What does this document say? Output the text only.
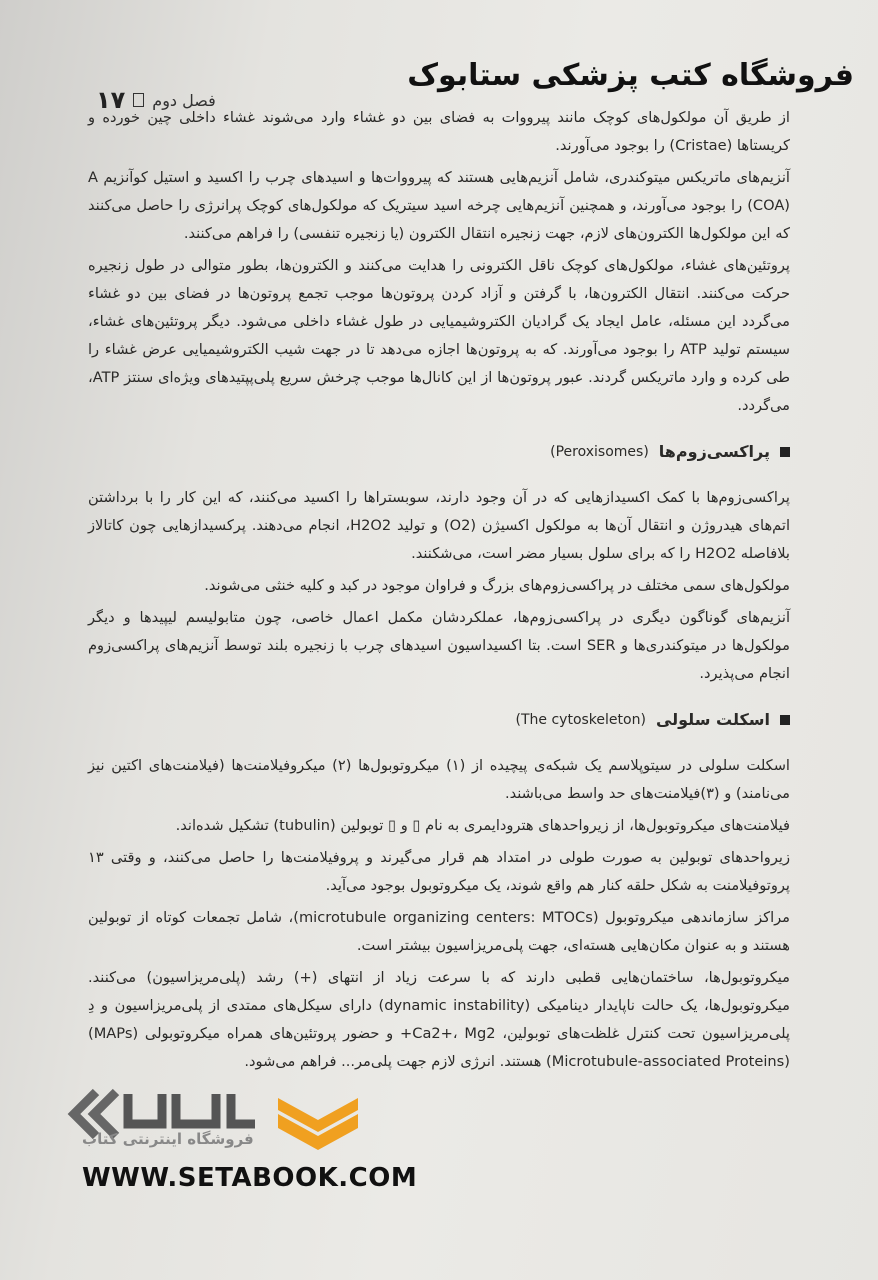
فروشگاه کتب پزشکی ستابوک
فصل دوم
۱۷

از طریق آن مولکول‌های کوچک مانند پیرووات به فضای بین دو غشاء وارد می‌شوند غشاء داخلی چین خورده و کریستاها (Cristae) را بوجود می‌آورند.

آنزیم‌های ماتریکس میتوکندری، شامل آنزیم‌هایی هستند که پیرووات‌ها و اسیدهای چرب را اکسید و استیل کوآنزیم A (COA) را بوجود می‌آورند، و همچنین آنزیم‌هایی چرخه اسید سیتریک که مولکول‌های کوچک پرانرژی را حاصل می‌کنند که این مولکول‌ها الکترون‌های لازم، جهت زنجیره انتقال الکترون (یا زنجیره تنفسی) را فراهم می‌کنند.

پروتئین‌های غشاء، مولکول‌های کوچک ناقل الکترونی را هدایت می‌کنند و الکترون‌ها، بطور متوالی در طول زنجیره حرکت می‌کنند. انتقال الکترون‌ها، با گرفتن و آزاد کردن پروتون‌ها موجب تجمع پروتون‌ها در فضای بین دو غشاء می‌گردد این مسئله، عامل ایجاد یک گرادیان الکتروشیمیایی در طول غشاء داخلی می‌شود. دیگر پروتئین‌های غشاء، سیستم تولید ATP را بوجود می‌آورند. که به پروتون‌ها اجازه می‌دهد تا در جهت شیب الکتروشیمیایی عرض غشاء را طی کرده و وارد ماتریکس گردند. عبور پروتون‌ها از این کانال‌ها موجب چرخش سریع پلی‌پپتیدهای ویژه‌ای سنتز ATP، می‌گردد.

پراکسی‌زوم‌ها
(Peroxisomes)

پراکسی‌زوم‌ها با کمک اکسیدازهایی که در آن وجود دارند، سوبستراها را اکسید می‌کنند، که این کار را با برداشتن اتم‌های هیدروژن و انتقال آن‌ها به مولکول اکسیژن (O2) و تولید H2O2، انجام می‌دهند. پرکسیدازهایی چون کاتالاز بلافاصله H2O2 را که برای سلول بسیار مضر است، می‌شکنند.

مولکول‌های سمی مختلف در پراکسی‌زوم‌های بزرگ و فراوان موجود در کبد و کلیه خنثی می‌شوند.

آنزیم‌های گوناگون دیگری در پراکسی‌زوم‌ها، عملکردشان مکمل اعمال خاصی، چون متابولیسم لیپیدها و دیگر مولکول‌ها در میتوکندری‌ها و SER است. بتا اکسیداسیون اسیدهای چرب با زنجیره بلند توسط آنزیم‌های پراکسی‌زوم انجام می‌پذیرد.

اسکلت سلولی
(The cytoskeleton)

اسکلت سلولی در سیتوپلاسم یک شبکه‌ی پیچیده از (۱) میکروتوبول‌ها (۲) میکروفیلامنت‌ها (فیلامنت‌های اکتین نیز می‌نامند) و (۳)فیلامنت‌های حد واسط می‌باشند.

فیلامنت‌های میکروتوبول‌ها، از زیرواحدهای هترودایمری به نام ▯ و ▯ توبولین (tubulin) تشکیل شده‌اند.

زیرواحدهای توبولین به صورت طولی در امتداد هم قرار می‌گیرند و پروفیلامنت‌ها را حاصل می‌کنند، و وقتی ۱۳ پروتوفیلامنت به شکل حلقه کنار هم واقع شوند، یک میکروتوبول بوجود می‌آید.

مراکز سازماندهی میکروتوبول (microtubule organizing centers: MTOCs)، شامل تجمعات کوتاه از توبولین هستند و به عنوان مکان‌هایی هسته‌ای، جهت پلی‌مریزاسیون بیشتر است.

میکروتوبول‌ها، ساختمان‌هایی قطبی دارند که با سرعت زیاد از انتهای (+) رشد (پلی‌مریزاسیون) می‌کنند. میکروتوبول‌ها، یک حالت ناپایدار دینامیکی (dynamic instability) دارای سیکل‌های ممتدی از پلی‌مریزاسیون و دِ پلی‌مریزاسیون تحت کنترل غلظت‌های توبولین، Ca2+، Mg2+ و حضور پروتئین‌های همراه میکروتوبولی (MAPs) (Microtubule-associated Proteins) هستند. انرژی لازم جهت پلی‌مر... فراهم می‌شود.

فروشگاه اینترنتی کتاب
WWW.SETABOOK.COM
